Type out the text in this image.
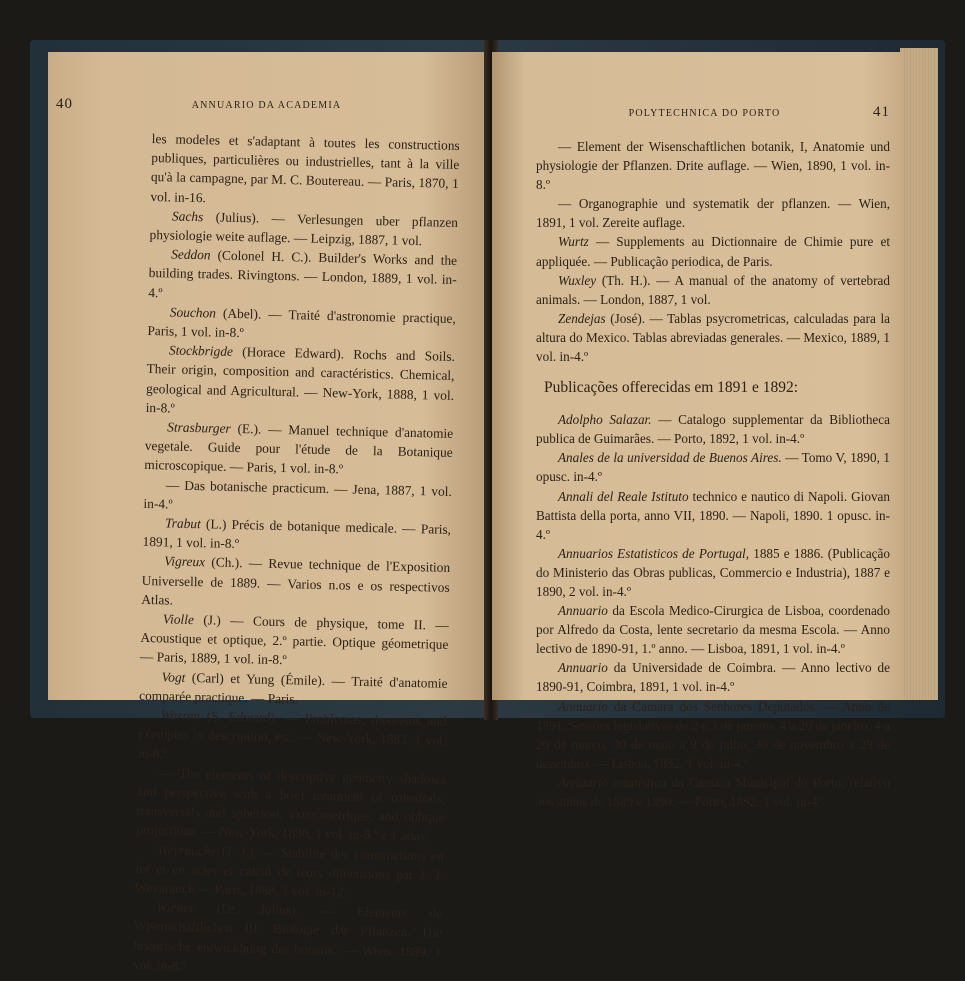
40	ANNUARIO DA ACADEMIA

les modeles et s'adaptant à toutes les constructions publiques, particulières ou industrielles, tant à la ville qu'à la campagne, par M. C. Boutereau. — Paris, 1870, 1 vol. in-16.

Sachs (Julius). — Verlesungen uber pflanzen physiologie weite auflage. — Leipzig, 1887, 1 vol.

Seddon (Colonel H. C.). Builder's Works and the building trades. Rivingtons. — London, 1889, 1 vol. in-4.º

Souchon (Abel). — Traité d'astronomie practique, Paris, 1 vol. in-8.º

Stockbrigde (Horace Edward). Rochs and Soils. Their origin, composition and caractéristics. Chemical, geological and Agricultural. — New-York, 1888, 1 vol. in-8.º

Strasburger (E.). — Manuel technique d'anatomie vegetale. Guide pour l'étude de la Botanique microscopique. — Paris, 1 vol. in-8.º

— Das botanische practicum. — Jena, 1887, 1 vol. in-4.º

Trabut (L.) Précis de botanique medicale. — Paris, 1891, 1 vol. in-8.º

Vigreux (Ch.). — Revue technique de l'Exposition Universelle de 1889. — Varios n.os e os respectivos Atlas.

Violle (J.) — Cours de physique, tome II. — Acoustique et optique, 2.º partie. Optique géometrique — Paris, 1889, 1 vol. in-8.º

Vogt (Carl) et Yung (Émile). — Traité d'anatomie comparée practique. — Paris.

Warren (S. Edward). — Problemas, theorems and exemples in description, etc. — New-York, 1883, 1 vol. in-8.º

— The elements of descriptive geometry shadows and perspective with a brief treatment of trihedrals, transversals and spherical, axonometrique, and oblique projections. — New-York, 1890, 1 vol. in-8.º e 1 atlas.

Weyrauche (J. J.). — Stabilité des constructions en fer et en acier et calcul de leurs dimensions par J. J. Weyarauch — Paris, 1888, 1 vol. in-12.

Wiener (Dr. Julius). — Elemente de Wisenschaftlichen III. Biologie dar Pflanzen. Die historische entwickhung der botanik. — Wien, 1889, 1 vol. in-8.º

POLYTECHNICA DO PORTO	41

— Element der Wisenschaftlichen botanik, I, Anatomie und physiologie der Pflanzen. Drite auflage. — Wien, 1890, 1 vol. in-8.º

— Organographie und systematik der pflanzen. — Wien, 1891, 1 vol. Zereite auflage.

Wurtz — Supplements au Dictionnaire de Chimie pure et appliquée. — Publicação periodica, de Paris.

Wuxley (Th. H.). — A manual of the anatomy of vertebrad animals. — London, 1887, 1 vol.

Zendejas (José). — Tablas psycrometricas, calculadas para la altura do Mexico. Tablas abreviadas generales. — Mexico, 1889, 1 vol. in-4.º

Publicações offerecidas em 1891 e 1892:

Adolpho Salazar. — Catalogo supplementar da Bibliotheca publica de Guimarães. — Porto, 1892, 1 vol. in-4.º

Anales de la universidad de Buenos Aires. — Tomo V, 1890, 1 opusc. in-4.º

Annali del Reale Istituto technico e nautico di Napoli. Giovan Battista della porta, anno VII, 1890. — Napoli, 1890. 1 opusc. in-4.º

Annuarios Estatisticos de Portugal, 1885 e 1886. (Publicação do Ministerio das Obras publicas, Commercio e Industria), 1887 e 1890, 2 vol. in-4.º

Annuario da Escola Medico-Cirurgica de Lisboa, coordenado por Alfredo da Costa, lente secretario da mesma Escola. — Anno lectivo de 1890-91, 1.º anno. — Lisboa, 1891, 1 vol. in-4.º

Annuario da Universidade de Coimbra. — Anno lectivo de 1890-91, Coimbra, 1891, 1 vol. in-4.º

Annuario da Camara dos Senhores Deputados. — Anno de 1891. Sessões legislativas de 2 e 3 de janeiro, 4 a 20 de janeiro, 4 a 20 de março, 30 de maio a 9 de julho, 30 de novembro a 29 de dezembro. — Lisboa, 1892, 1 vol. in-4.º

Annuario estatistico da Camara Municipal do Porto, relativo aos annos de 1889 e 1890. — Porto, 1892, 1 vol. in-4º
